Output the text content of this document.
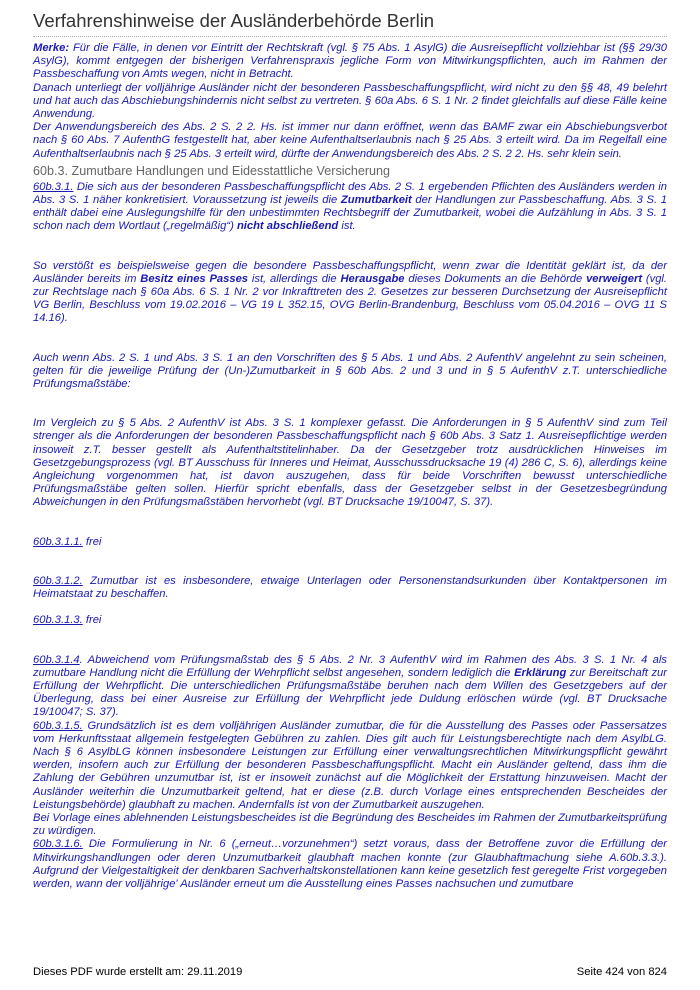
Verfahrenshinweise der Ausländerbehörde Berlin

Merke: Für die Fälle, in denen vor Eintritt der Rechtskraft (vgl. § 75 Abs. 1 AsylG) die Ausreisepflicht vollziehbar ist (§§ 29/30 AsylG), kommt entgegen der bisherigen Verfahrenspraxis jegliche Form von Mitwirkungspflichten, auch im Rahmen der Passbeschaffung von Amts wegen, nicht in Betracht.

Danach unterliegt der volljährige Ausländer nicht der besonderen Passbeschaffungspflicht, wird nicht zu den §§ 48, 49 belehrt und hat auch das Abschiebungshindernis nicht selbst zu vertreten. § 60a Abs. 6 S. 1 Nr. 2 findet gleichfalls auf diese Fälle keine Anwendung.

Der Anwendungsbereich des Abs. 2 S. 2 2. Hs. ist immer nur dann eröffnet, wenn das BAMF zwar ein Abschiebungsverbot nach § 60 Abs. 7 AufenthG festgestellt hat, aber keine Aufenthaltserlaubnis nach § 25 Abs. 3 erteilt wird. Da im Regelfall eine Aufenthaltserlaubnis nach § 25 Abs. 3 erteilt wird, dürfte der Anwendungsbereich des Abs. 2 S. 2 2. Hs. sehr klein sein.

60b.3. Zumutbare Handlungen und Eidesstattliche Versicherung

60b.3.1. Die sich aus der besonderen Passbeschaffungspflicht des Abs. 2 S. 1 ergebenden Pflichten des Ausländers werden in Abs. 3 S. 1 näher konkretisiert. Voraussetzung ist jeweils die Zumutbarkeit der Handlungen zur Passbeschaffung. Abs. 3 S. 1 enthält dabei eine Auslegungshilfe für den unbestimmten Rechtsbegriff der Zumutbarkeit, wobei die Aufzählung in Abs. 3 S. 1 schon nach dem Wortlaut („regelmäßig“) nicht abschließend ist.

So verstößt es beispielsweise gegen die besondere Passbeschaffungspflicht, wenn zwar die Identität geklärt ist, da der Ausländer bereits im Besitz eines Passes ist, allerdings die Herausgabe dieses Dokuments an die Behörde verweigert (vgl. zur Rechtslage nach § 60a Abs. 6 S. 1 Nr. 2 vor Inkrafttreten des 2. Gesetzes zur besseren Durchsetzung der Ausreisepflicht VG Berlin, Beschluss vom 19.02.2016 – VG 19 L 352.15, OVG Berlin-Brandenburg, Beschluss vom 05.04.2016 – OVG 11 S 14.16).

Auch wenn Abs. 2 S. 1 und Abs. 3 S. 1 an den Vorschriften des § 5 Abs. 1 und Abs. 2 AufenthV angelehnt zu sein scheinen, gelten für die jeweilige Prüfung der (Un-)Zumutbarkeit in § 60b Abs. 2 und 3 und in § 5 AufenthV z.T. unterschiedliche Prüfungsmaßstäbe:

Im Vergleich zu § 5 Abs. 2 AufenthV ist Abs. 3 S. 1 komplexer gefasst. Die Anforderungen in § 5 AufenthV sind zum Teil strenger als die Anforderungen der besonderen Passbeschaffungspflicht nach § 60b Abs. 3 Satz 1. Ausreisepflichtige werden insoweit z.T. besser gestellt als Aufenthaltstitelinhaber. Da der Gesetzgeber trotz ausdrücklichen Hinweises im Gesetzgebungsprozess (vgl. BT Ausschuss für Inneres und Heimat, Ausschussdrucksache 19 (4) 286 C, S. 6), allerdings keine Angleichung vorgenommen hat, ist davon auszugehen, dass für beide Vorschriften bewusst unterschiedliche Prüfungsmaßstäbe gelten sollen. Hierfür spricht ebenfalls, dass der Gesetzgeber selbst in der Gesetzesbegründung Abweichungen in den Prüfungsmaßstäben hervorhebt (vgl. BT Drucksache 19/10047, S. 37).

60b.3.1.1. frei

60b.3.1.2. Zumutbar ist es insbesondere, etwaige Unterlagen oder Personenstandsurkunden über Kontaktpersonen im Heimatstaat zu beschaffen.

60b.3.1.3. frei

60b.3.1.4. Abweichend vom Prüfungsmaßstab des § 5 Abs. 2 Nr. 3 AufenthV wird im Rahmen des Abs. 3 S. 1 Nr. 4 als zumutbare Handlung nicht die Erfüllung der Wehrpflicht selbst angesehen, sondern lediglich die Erklärung zur Bereitschaft zur Erfüllung der Wehrpflicht. Die unterschiedlichen Prüfungsmaßstäbe beruhen nach dem Willen des Gesetzgebers auf der Überlegung, dass bei einer Ausreise zur Erfüllung der Wehrpflicht jede Duldung erlöschen würde (vgl. BT Drucksache 19/10047; S. 37).

60b.3.1.5. Grundsätzlich ist es dem volljährigen Ausländer zumutbar, die für die Ausstellung des Passes oder Passersatzes vom Herkunftsstaat allgemein festgelegten Gebühren zu zahlen. Dies gilt auch für Leistungsberechtigte nach dem AsylbLG. Nach § 6 AsylbLG können insbesondere Leistungen zur Erfüllung einer verwaltungsrechtlichen Mitwirkungspflicht gewährt werden, insofern auch zur Erfüllung der besonderen Passbeschaffungspflicht. Macht ein Ausländer geltend, dass ihm die Zahlung der Gebühren unzumutbar ist, ist er insoweit zunächst auf die Möglichkeit der Erstattung hinzuweisen. Macht der Ausländer weiterhin die Unzumutbarkeit geltend, hat er diese (z.B. durch Vorlage eines entsprechenden Bescheides der Leistungsbehörde) glaubhaft zu machen. Andernfalls ist von der Zumutbarkeit auszugehen.

Bei Vorlage eines ablehnenden Leistungsbescheides ist die Begründung des Bescheides im Rahmen der Zumutbarkeitsprüfung zu würdigen.

60b.3.1.6. Die Formulierung in Nr. 6 („erneut…vorzunehmen“) setzt voraus, dass der Betroffene zuvor die Erfüllung der Mitwirkungshandlungen oder deren Unzumutbarkeit glaubhaft machen konnte (zur Glaubhaftmachung siehe A.60b.3.3.). Aufgrund der Vielgestaltigkeit der denkbaren Sachverhaltskonstellationen kann keine gesetzlich fest geregelte Frist vorgegeben werden, wann der volljährige' Ausländer erneut um die Ausstellung eines Passes nachsuchen und zumutbare

Dieses PDF wurde erstellt am: 29.11.2019	Seite 424 von 824
